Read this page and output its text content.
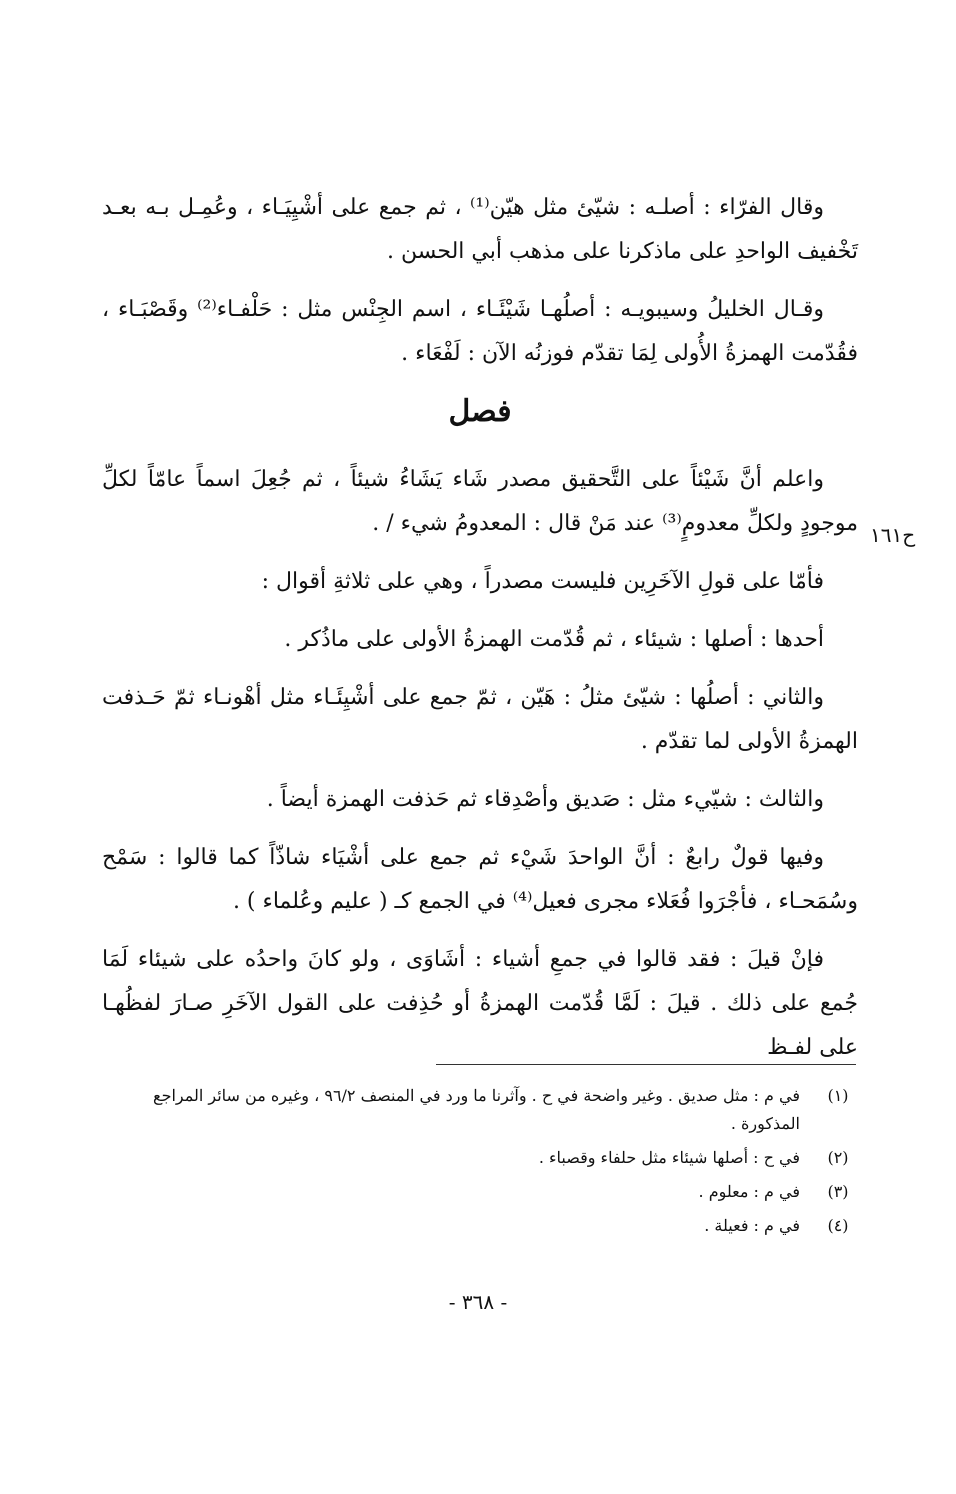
وقال الفرّاء : أصلـه : شيّئ مثل هيّن⁽¹⁾ ، ثم جمع على أشْيِيَـاء ، وعُمِـل بـه بعـد تَخْفيف الواحدِ على ماذكرنا على مذهب أبي الحسن .

وقـال الخليلُ وسيبويـه : أصلُهـا شَيْئَـاء ، اسم الجِنْس مثل : حَلْفـاء⁽²⁾ وقَصْبَـاء ، فقُدّمت الهمزةُ الأُولى لِمَا تقدّم فوزنُه الآن : لَفْعَاء .

فصل

واعلم أنَّ شَيْئاً على التَّحقيق مصدر شَاء يَشَاءُ شيئاً ، ثم جُعِلَ اسماً عامّاً لكلِّ موجودٍ ولكلِّ معدومٍ⁽³⁾ عند مَنْ قال : المعدومُ شيء / .

فأمّا على قولِ الآخَرِين فليست مصدراً ، وهي على ثلاثةِ أقوال :

أحدها : أصلها : شيئاء ، ثم قُدّمت الهمزةُ الأولى على ماذُكر .

والثاني : أصلُها : شيّئ مثلُ : هَيّن ، ثمّ جمع على أشْيِئَـاء مثل أهْونـاء ثمّ حَـذفت الهمزةُ الأولى لما تقدّم .

والثالث : شيّيء مثل : صَديق وأصْدِقاء ثم حَذفت الهمزة أيضاً .

وفيها قولٌ رابعٌ : أنَّ الواحدَ شَيْء ثم جمع على أشْيَاء شاذّاً كما قالوا : سَمْح وسُمَحـاء ، فأجْرَوا فُعَلاء مجرى فعيل⁽⁴⁾ في الجمع كـ ( عليم وعُلماء ) .

فإنْ قيلَ : فقد قالوا في جمعِ أشياء : أشَاوَى ، ولو كانَ واحدُه على شيئاء لَمَا جُمع على ذلك . قيلَ : لَمَّا قُدّمت الهمزةُ أو حُذِفت على القول الآخَرِ صـارَ لفظُهـا على لفـظ

ح١٦١
(١)
في م : مثل صديق . وغير واضحة في ح . وآثرنا ما ورد في المنصف ٩٦/٢ ، وغيره من سائر المراجع المذكورة .
(٢)
في ح : أصلها شيئاء مثل حلفاء وقصباء .
(٣)
في م : معلوم .
(٤)
في م : فعيلة .
- ٣٦٨ -
